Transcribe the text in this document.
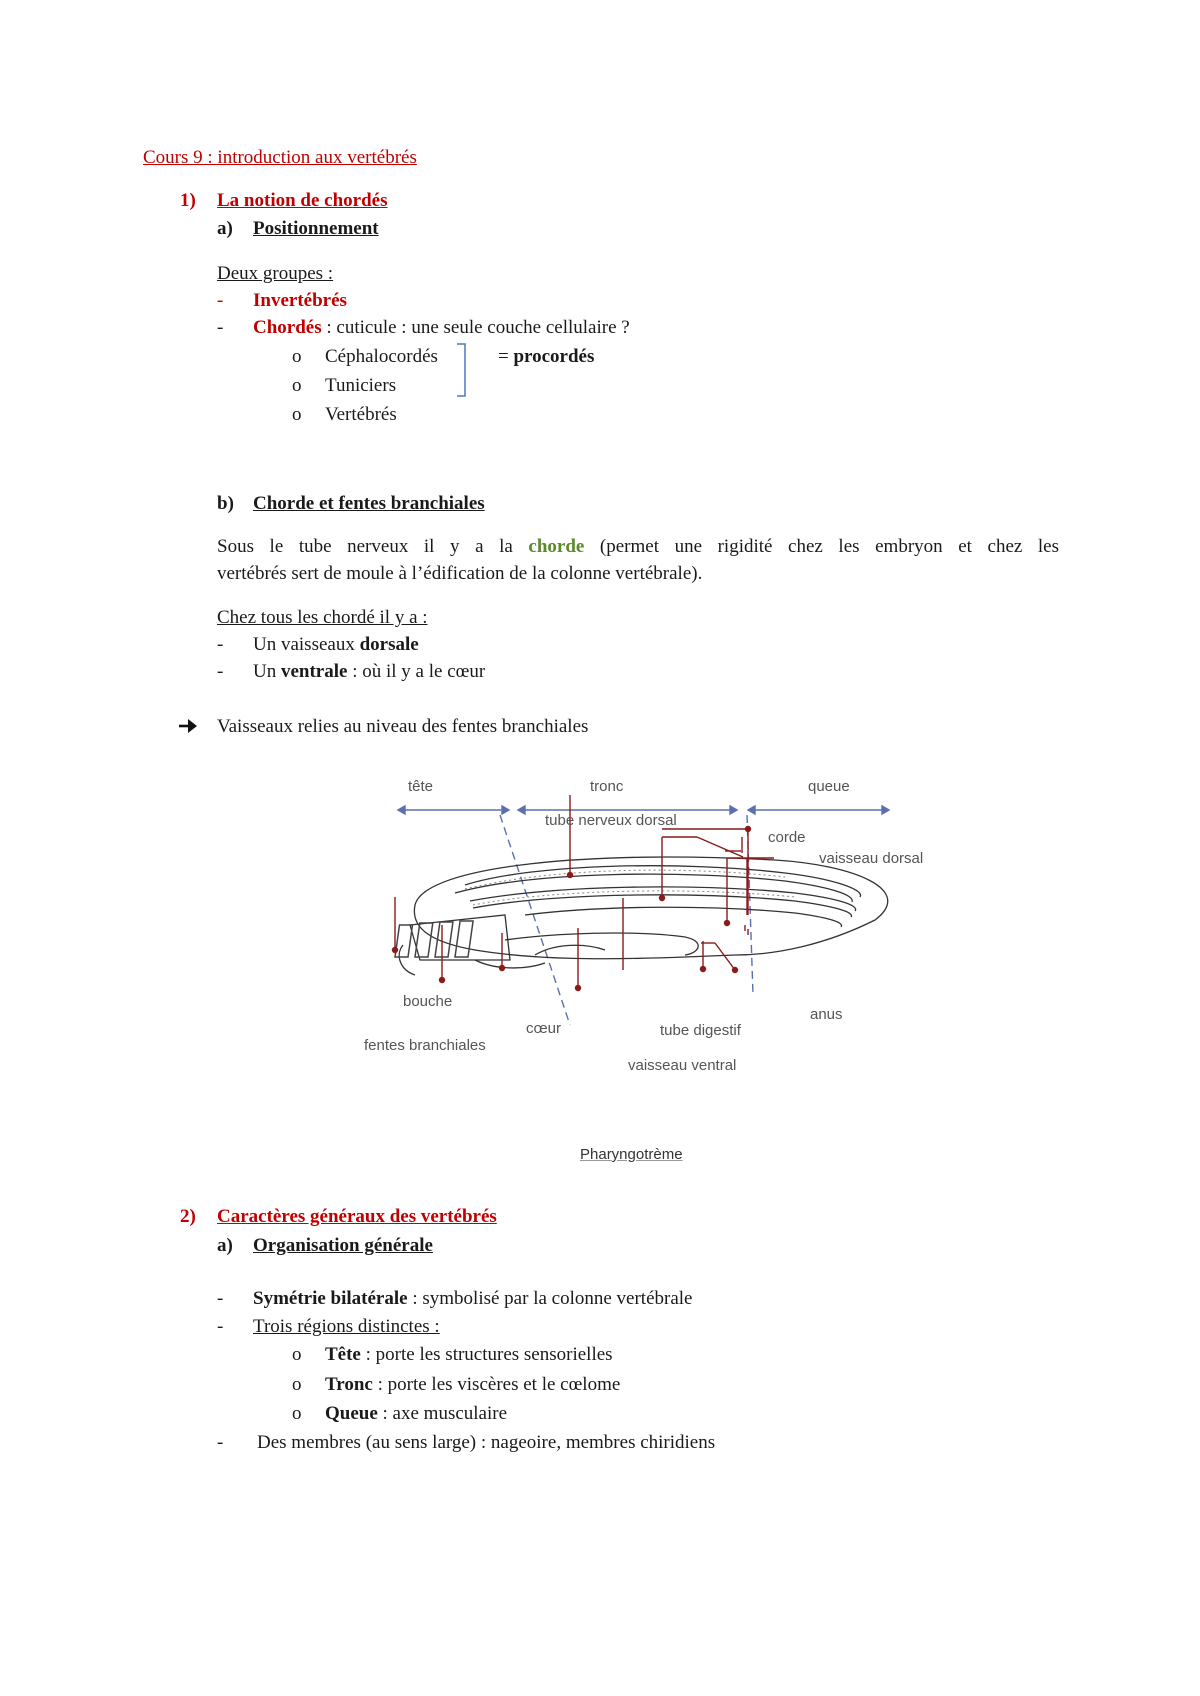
Cours 9 : introduction aux vertébrés
1) La notion de chordés
a) Positionnement
Deux groupes :
- Invertébrés
- Chordés : cuticule : une seule couche cellulaire ?
o Céphalocordés
o Tuniciers
o Vertébrés
= procordés
b) Chorde et fentes branchiales
Sous le tube nerveux il y a la chorde (permet une rigidité chez les embryon et chez les
vertébrés sert de moule à l’édification de la colonne vertébrale).
Chez tous les chordé il y a :
- Un vaisseaux dorsale
- Un ventrale : où il y a le cœur
Vaisseaux relies au niveau des fentes branchiales
tête	tronc	queue
tube nerveux dorsal
corde
vaisseau dorsal
bouche
cœur
fentes branchiales
tube digestif
anus
vaisseau ventral
Pharyngotrème
2) Caractères généraux des vertébrés
a) Organisation générale
- Symétrie bilatérale : symbolisé par la colonne vertébrale
- Trois régions distinctes :
o Tête : porte les structures sensorielles
o Tronc : porte les viscères et le cœlome
o Queue : axe musculaire
- Des membres (au sens large) : nageoire, membres chiridiens
